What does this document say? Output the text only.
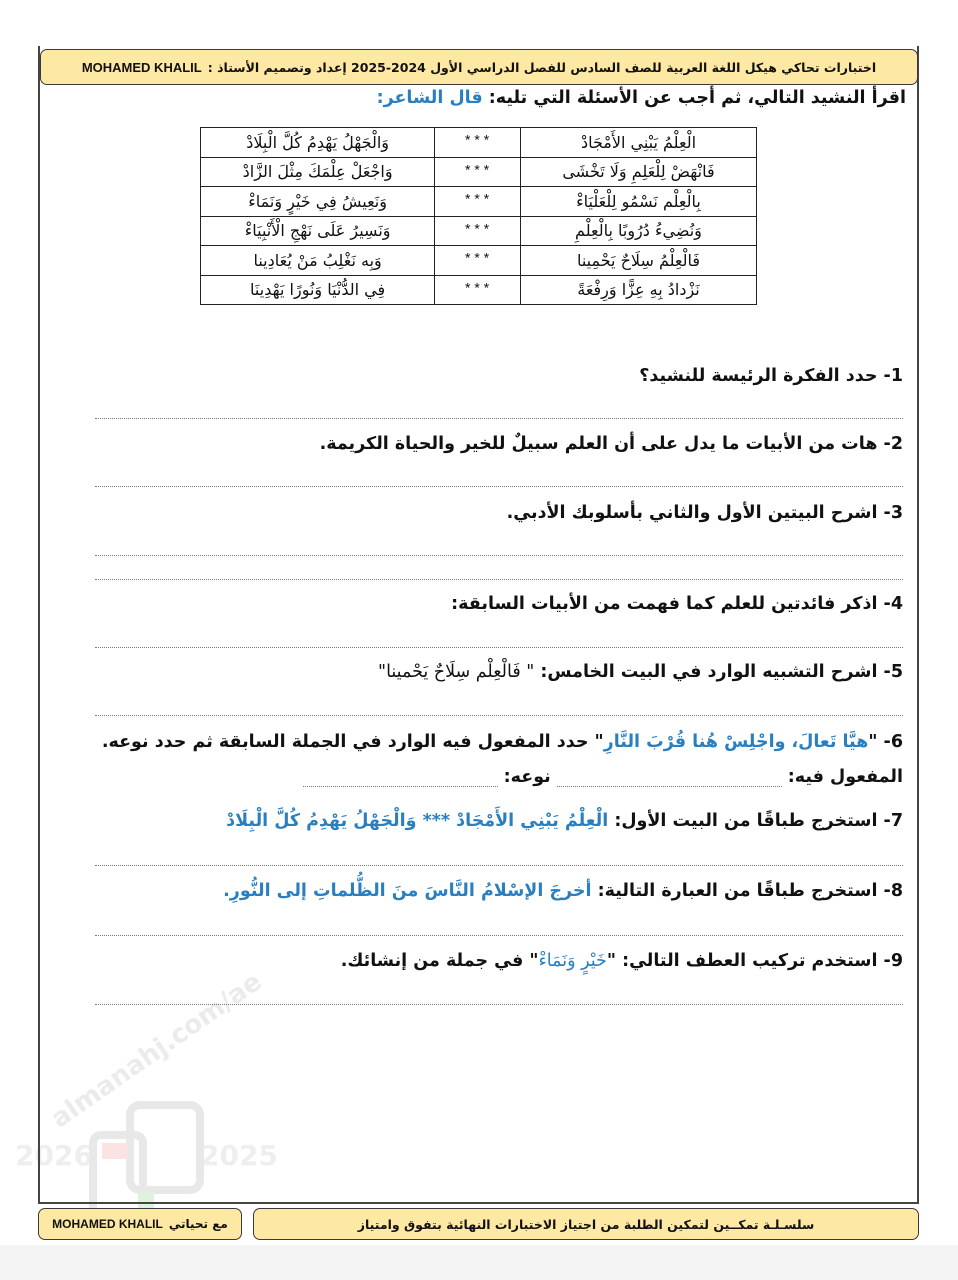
اختبارات تحاكي هيكل اللغة العربية للصف السادس للفصل الدراسي الأول 2024-2025 إعداد وتصميم الأستاذ :
MOHAMED KHALIL
اقرأ النشيد التالي، ثم أجب عن الأسئلة التي تليه: قال الشاعر:
الْعِلْمُ يَبْنِي الأَمْجَادْ	***	وَالْجَهْلُ يَهْدِمُ كُلَّ الْبِلَادْ
فَانْهَضْ لِلْعَلِمِ وَلَا تَخْشَى	***	وَاجْعَلْ عِلْمَكَ مِثْلَ الزَّادْ
بِالْعِلْم نَسْمُو لِلْعَلْيَاءْ	***	وَنَعِيشُ فِي خَيْرٍ وَنَمَاءْ
وَنُضِيءُ دُرُوبًا بِالْعِلْمِ	***	وَنَسِيرُ عَلَى نَهْجِ الْأَنْبِيَاءْ
فَالْعِلْمُ سِلَاحٌ يَحْمِينا	***	وَبِه نَغْلِبُ مَنْ يُعَادِينا
نَزْدادُ بِهِ عِزًّا وَرِفْعَةً	***	فِي الدُّنْيَا وَنُورًا يَهْدِينَا
1- حدد الفكرة الرئيسة للنشيد؟
2- هات من الأبيات ما يدل على أن العلم سبيلٌ للخير والحياة الكريمة.
3- اشرح البيتين الأول والثاني بأسلوبك الأدبي.
4- اذكر فائدتين للعلم كما فهمت من الأبيات السابقة:
5- اشرح التشبيه الوارد في البيت الخامس: " فَالْعِلْم سِلَاحٌ يَحْمينا"
6- "هيَّا تَعالَ، واجْلِسْ هُنا قُرْبَ النَّارِ" حدد المفعول فيه الوارد في الجملة السابقة ثم حدد نوعه.
المفعول فيه:
نوعه:
7- استخرج طباقًا من البيت الأول: الْعِلْمُ يَبْنِي الأَمْجَادْ *** وَالْجَهْلُ يَهْدِمُ كُلَّ الْبِلَادْ
8- استخرج طباقًا من العبارة التالية: أخرجَ الإسْلامُ النَّاسَ منَ الظُّلماتِ إلى النُّورِ.
9- استخدم تركيب العطف التالي: "خَيْرٍ وَنَمَاءْ" في جملة من إنشائك.
سلسـلـة تمكــين لتمكين الطلبة من اجتياز الاختبارات النهائية بتفوق وامتياز
مع تحياتي
MOHAMED KHALIL
